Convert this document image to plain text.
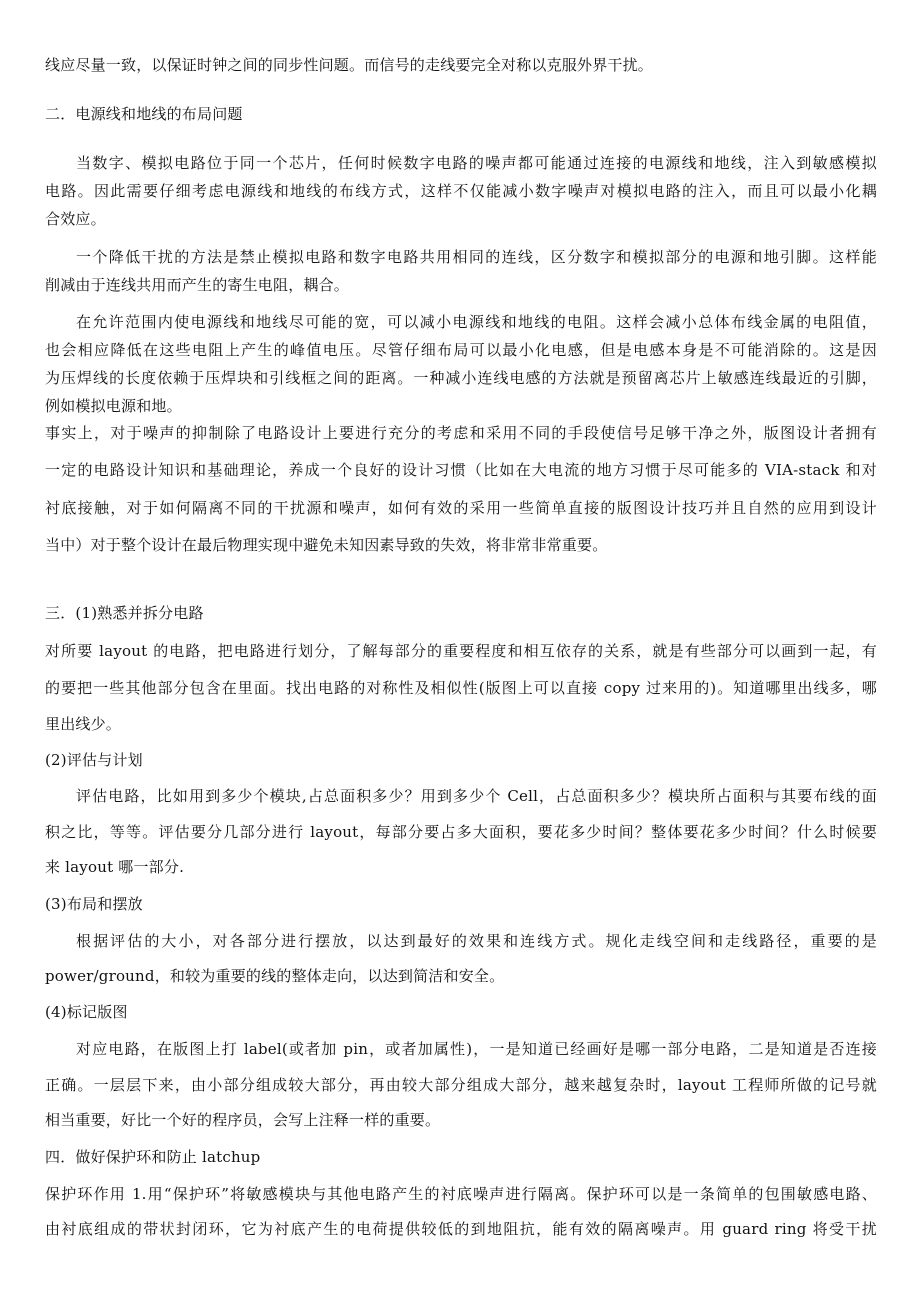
线应尽量一致，以保证时钟之间的同步性问题。而信号的走线要完全对称以克服外界干扰。
二．电源线和地线的布局问题
当数字、模拟电路位于同一个芯片，任何时候数字电路的噪声都可能通过连接的电源线和地线，注入到敏感模拟
电路。因此需要仔细考虑电源线和地线的布线方式，这样不仅能减小数字噪声对模拟电路的注入，而且可以最小化耦
合效应。
一个降低干扰的方法是禁止模拟电路和数字电路共用相同的连线，区分数字和模拟部分的电源和地引脚。这样能
削减由于连线共用而产生的寄生电阻，耦合。
在允许范围内使电源线和地线尽可能的宽，可以减小电源线和地线的电阻。这样会减小总体布线金属的电阻值，
也会相应降低在这些电阻上产生的峰值电压。尽管仔细布局可以最小化电感，但是电感本身是不可能消除的。这是因
为压焊线的长度依赖于压焊块和引线框之间的距离。一种减小连线电感的方法就是预留离芯片上敏感连线最近的引脚，
例如模拟电源和地。
事实上，对于噪声的抑制除了电路设计上要进行充分的考虑和采用不同的手段使信号足够干净之外，版图设计者拥有
一定的电路设计知识和基础理论，养成一个良好的设计习惯（比如在大电流的地方习惯于尽可能多的 VIA-stack 和对
衬底接触，对于如何隔离不同的干扰源和噪声，如何有效的采用一些简单直接的版图设计技巧并且自然的应用到设计
当中）对于整个设计在最后物理实现中避免未知因素导致的失效，将非常非常重要。
三．(1)熟悉并拆分电路
对所要 layout 的电路，把电路进行划分，了解每部分的重要程度和相互依存的关系，就是有些部分可以画到一起，有
的要把一些其他部分包含在里面。找出电路的对称性及相似性(版图上可以直接 copy 过来用的)。知道哪里出线多，哪
里出线少。
(2)评估与计划
评估电路，比如用到多少个模块,占总面积多少？用到多少个 Cell，占总面积多少？模块所占面积与其要布线的面
积之比，等等。评估要分几部分进行 layout，每部分要占多大面积，要花多少时间？整体要花多少时间？什么时候要
来 layout 哪一部分.
(3)布局和摆放
根据评估的大小，对各部分进行摆放，以达到最好的效果和连线方式。规化走线空间和走线路径，重要的是
power/ground，和较为重要的线的整体走向，以达到简洁和安全。
(4)标记版图
对应电路，在版图上打 label(或者加 pin，或者加属性)，一是知道已经画好是哪一部分电路，二是知道是否连接
正确。一层层下来，由小部分组成较大部分，再由较大部分组成大部分，越来越复杂时，layout 工程师所做的记号就
相当重要，好比一个好的程序员，会写上注释一样的重要。
四．做好保护环和防止 latchup
保护环作用 1.用“保护环”将敏感模块与其他电路产生的衬底噪声进行隔离。保护环可以是一条简单的包围敏感电路、
由衬底组成的带状封闭环，它为衬底产生的电荷提供较低的到地阻抗，能有效的隔离噪声。用 guard ring 将受干扰
